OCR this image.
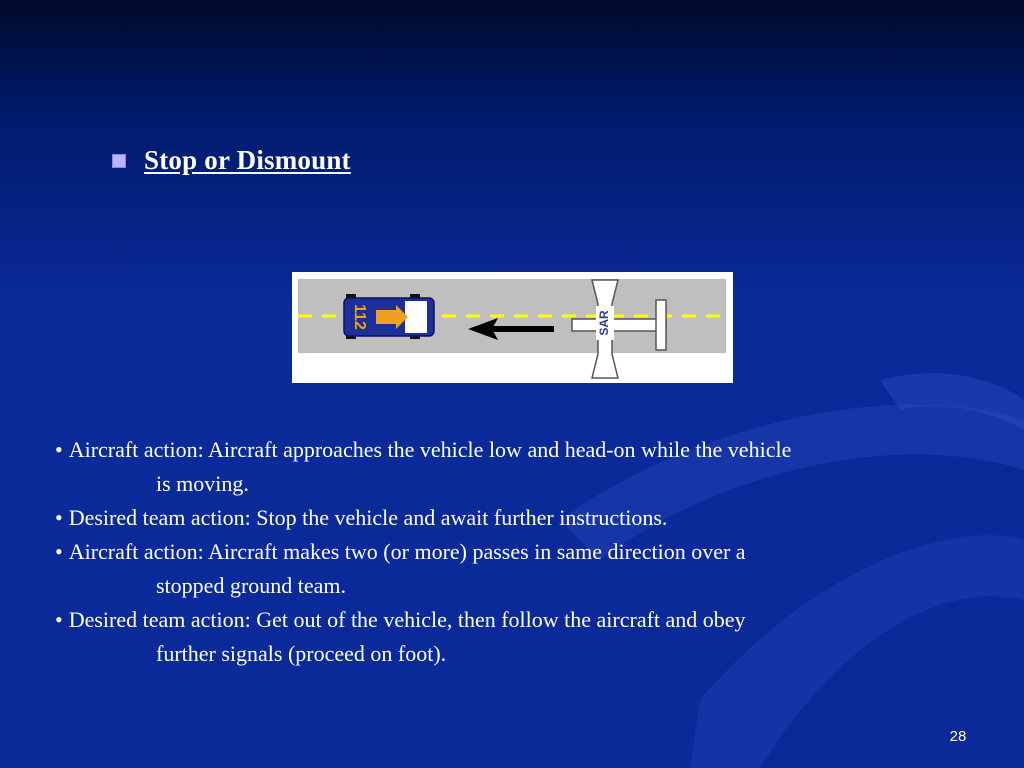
Stop or Dismount
112	SAR
• Aircraft action: Aircraft approaches the vehicle low and head-on while the vehicle
is moving.
• Desired team action: Stop the vehicle and await further instructions.
• Aircraft action: Aircraft makes two (or more) passes in same direction over a
stopped ground team.
• Desired team action: Get out of the vehicle, then follow the aircraft and obey
further signals (proceed on foot).
28
